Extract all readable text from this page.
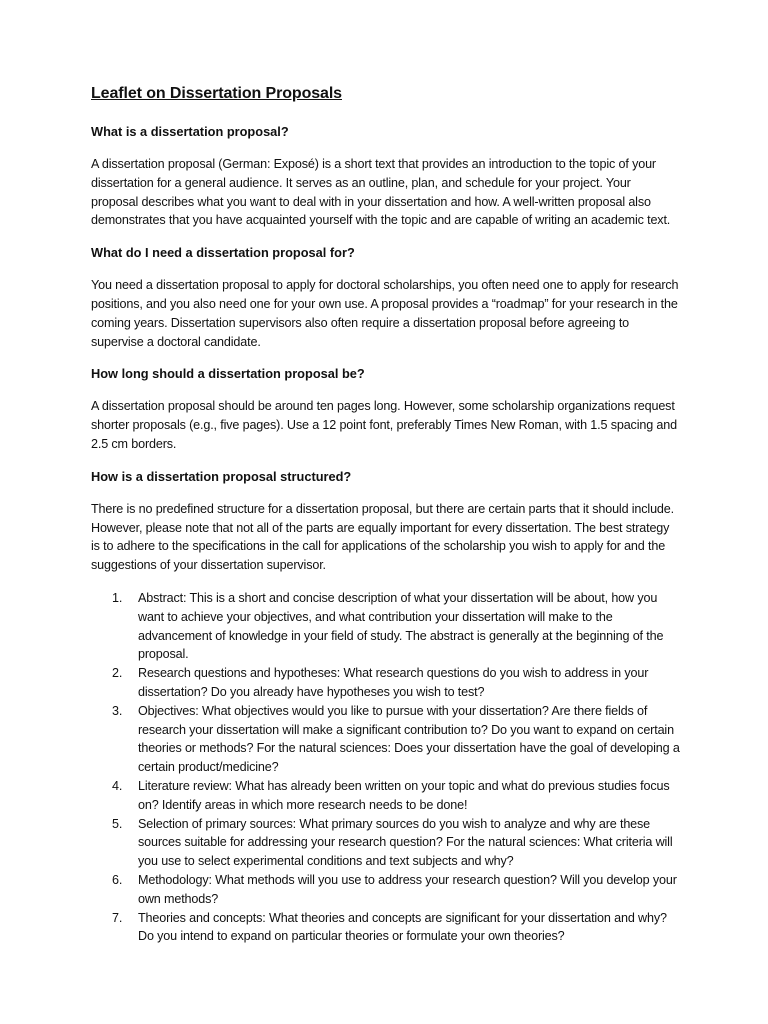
Leaflet on Dissertation Proposals
What is a dissertation proposal?
A dissertation proposal (German: Exposé) is a short text that provides an introduction to the topic of your dissertation for a general audience. It serves as an outline, plan, and schedule for your project. Your proposal describes what you want to deal with in your dissertation and how. A well-written proposal also demonstrates that you have acquainted yourself with the topic and are capable of writing an academic text.
What do I need a dissertation proposal for?
You need a dissertation proposal to apply for doctoral scholarships, you often need one to apply for research positions, and you also need one for your own use. A proposal provides a “roadmap” for your research in the coming years. Dissertation supervisors also often require a dissertation proposal before agreeing to supervise a doctoral candidate.
How long should a dissertation proposal be?
A dissertation proposal should be around ten pages long. However, some scholarship organizations request shorter proposals (e.g., five pages). Use a 12 point font, preferably Times New Roman, with 1.5 spacing and 2.5 cm borders.
How is a dissertation proposal structured?
There is no predefined structure for a dissertation proposal, but there are certain parts that it should include. However, please note that not all of the parts are equally important for every dissertation. The best strategy is to adhere to the specifications in the call for applications of the scholarship you wish to apply for and the suggestions of your dissertation supervisor.
1. Abstract: This is a short and concise description of what your dissertation will be about, how you want to achieve your objectives, and what contribution your dissertation will make to the advancement of knowledge in your field of study. The abstract is generally at the beginning of the proposal.
2. Research questions and hypotheses: What research questions do you wish to address in your dissertation? Do you already have hypotheses you wish to test?
3. Objectives: What objectives would you like to pursue with your dissertation? Are there fields of research your dissertation will make a significant contribution to? Do you want to expand on certain theories or methods? For the natural sciences: Does your dissertation have the goal of developing a certain product/medicine?
4. Literature review: What has already been written on your topic and what do previous studies focus on? Identify areas in which more research needs to be done!
5. Selection of primary sources: What primary sources do you wish to analyze and why are these sources suitable for addressing your research question? For the natural sciences: What criteria will you use to select experimental conditions and text subjects and why?
6. Methodology: What methods will you use to address your research question? Will you develop your own methods?
7. Theories and concepts: What theories and concepts are significant for your dissertation and why? Do you intend to expand on particular theories or formulate your own theories?
